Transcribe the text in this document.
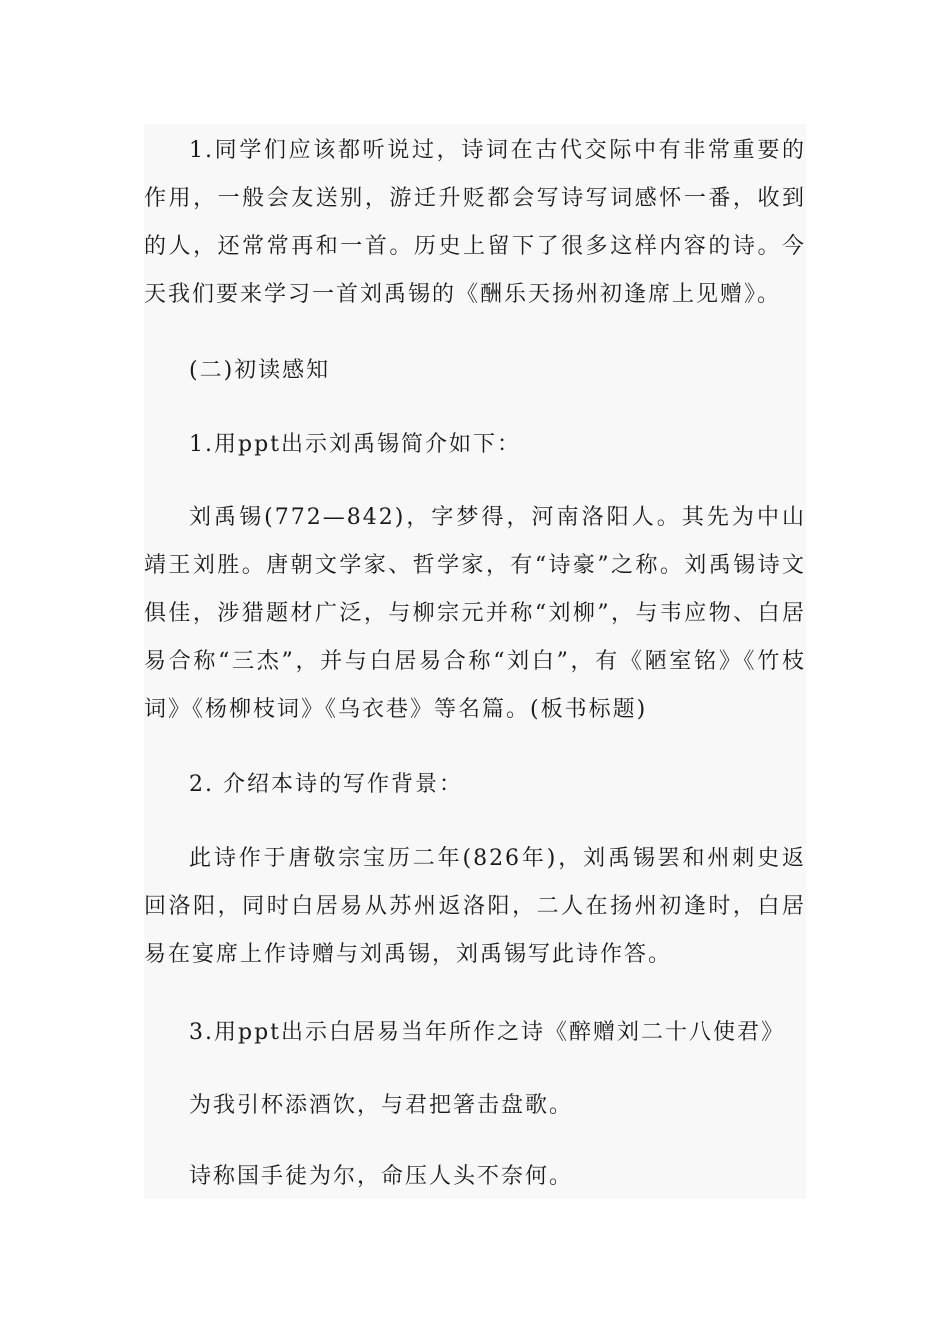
1.同学们应该都听说过，诗词在古代交际中有非常重要的作用，一般会友送别，游迁升贬都会写诗写词感怀一番，收到的人，还常常再和一首。历史上留下了很多这样内容的诗。今天我们要来学习一首刘禹锡的《酬乐天扬州初逢席上见赠》。

(二)初读感知

1.用ppt出示刘禹锡简介如下：

刘禹锡(772—842)，字梦得，河南洛阳人。其先为中山靖王刘胜。唐朝文学家、哲学家，有“诗豪”之称。刘禹锡诗文俱佳，涉猎题材广泛，与柳宗元并称“刘柳”，与韦应物、白居易合称“三杰”，并与白居易合称“刘白”，有《陋室铭》《竹枝词》《杨柳枝词》《乌衣巷》等名篇。(板书标题)

2. 介绍本诗的写作背景：

此诗作于唐敬宗宝历二年(826年)，刘禹锡罢和州刺史返回洛阳，同时白居易从苏州返洛阳，二人在扬州初逢时，白居易在宴席上作诗赠与刘禹锡，刘禹锡写此诗作答。

3.用ppt出示白居易当年所作之诗《醉赠刘二十八使君》

为我引杯添酒饮，与君把箸击盘歌。

诗称国手徒为尔，命压人头不奈何。
